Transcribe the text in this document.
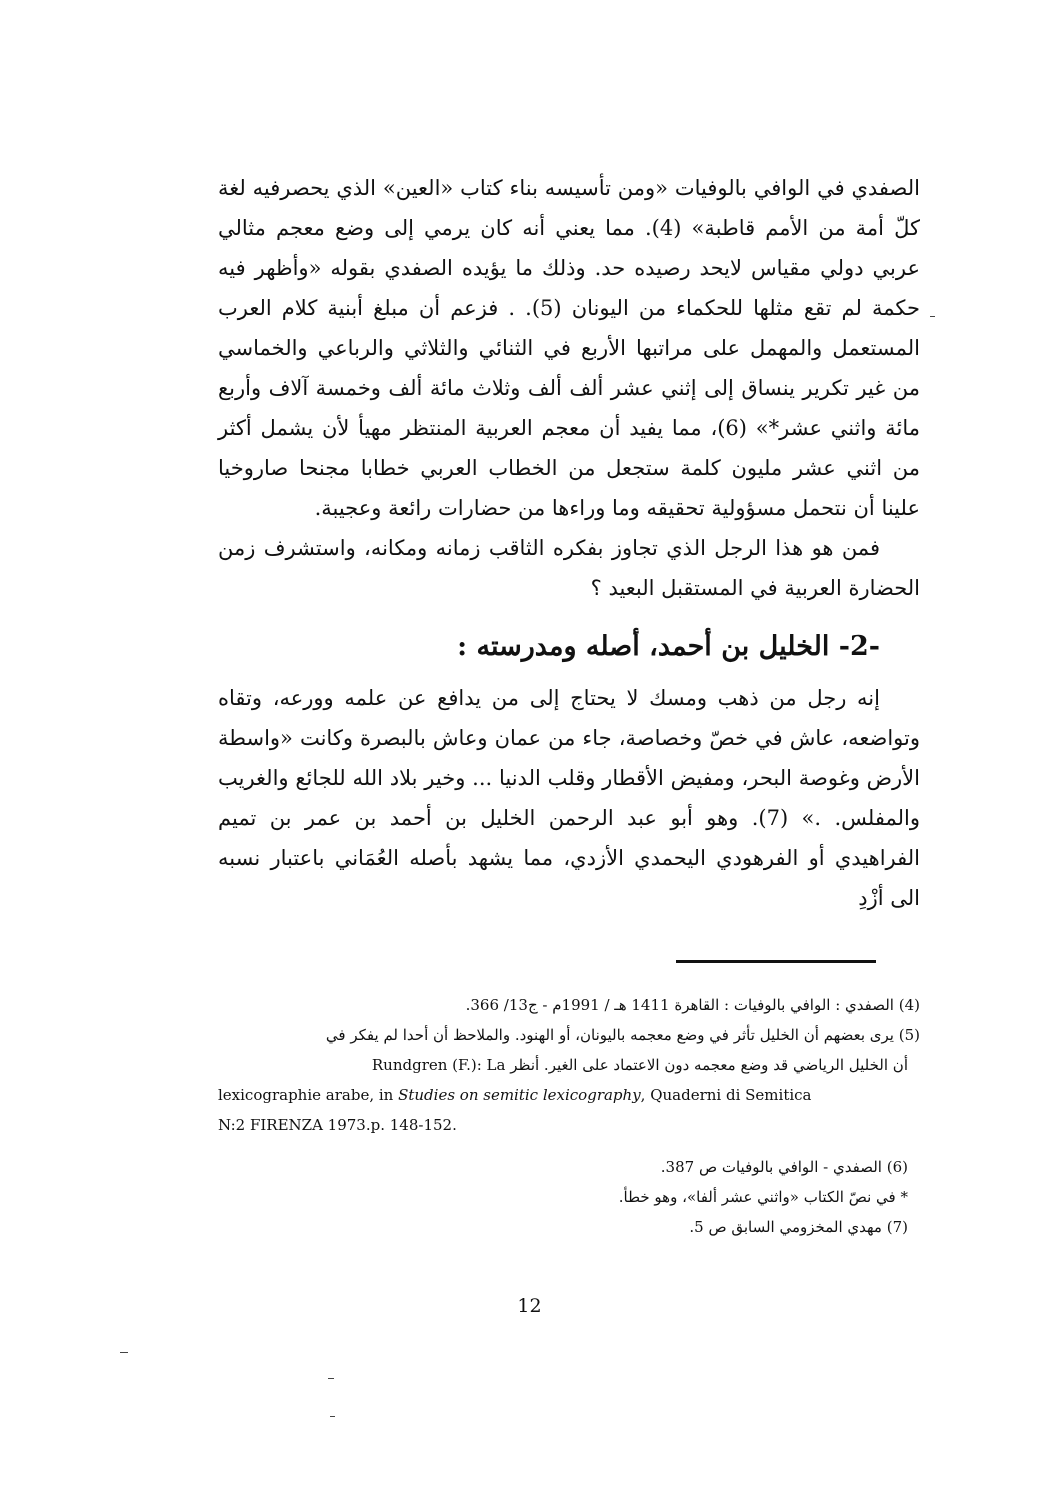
الصفدي في الوافي بالوفيات «ومن تأسيسه بناء كتاب «العين» الذي يحصرفيه لغة كلّ أمة من الأمم قاطبة» (4). مما يعني أنه كان يرمي إلى وضع معجم مثالي عربي دولي مقياس لايحد رصيده حد. وذلك ما يؤيده الصفدي بقوله «وأظهر فيه حكمة لم تقع مثلها للحكماء من اليونان (5). . فزعم أن مبلغ أبنية كلام العرب المستعمل والمهمل على مراتبها الأربع في الثنائي والثلاثي والرباعي والخماسي من غير تكرير ينساق إلى إثني عشر ألف ألف وثلاث مائة ألف وخمسة آلاف وأربع مائة واثني عشر*» (6)، مما يفيد أن معجم العربية المنتظر مهيأ لأن يشمل أكثر من اثني عشر مليون كلمة ستجعل من الخطاب العربي خطابا مجنحا صاروخيا علينا أن نتحمل مسؤولية تحقيقه وما وراءها من حضارات رائعة وعجيبة.

فمن هو هذا الرجل الذي تجاوز بفكره الثاقب زمانه ومكانه، واستشرف زمن الحضارة العربية في المستقبل البعيد ؟

-2- الخليل بن أحمد، أصله ومدرسته :

إنه رجل من ذهب ومسك لا يحتاج إلى من يدافع عن علمه وورعه، وتقاه وتواضعه، عاش في خصّ وخصاصة، جاء من عمان وعاش بالبصرة وكانت «واسطة الأرض وغوصة البحر، ومفيض الأقطار وقلب الدنيا ... وخير بلاد الله للجائع والغريب والمفلس. .» (7). وهو أبو عبد الرحمن الخليل بن أحمد بن عمر بن تميم الفراهيدي أو الفرهودي اليحمدي الأزدي، مما يشهد بأصله العُمَاني باعتبار نسبه الى أزْدِ

(4) الصفدي : الوافي بالوفيات : القاهرة 1411 هـ / 1991م - ج13/ 366.

(5) يرى بعضهم أن الخليل تأثر في وضع معجمه باليونان، أو الهنود. والملاحظ أن أحدا لم يفكر في

أن الخليل الرياضي قد وضع معجمه دون الاعتماد على الغير. أنظر Rundgren (F.): La

lexicographie arabe, in Studies on semitic lexicography, Quaderni di Semitica

N:2 FIRENZA 1973.p. 148-152.

(6) الصفدي - الوافي بالوفيات ص 387.

* في نصّ الكتاب «واثني عشر ألفا»، وهو خطأ.

(7) مهدي المخزومي السابق ص 5.

12
